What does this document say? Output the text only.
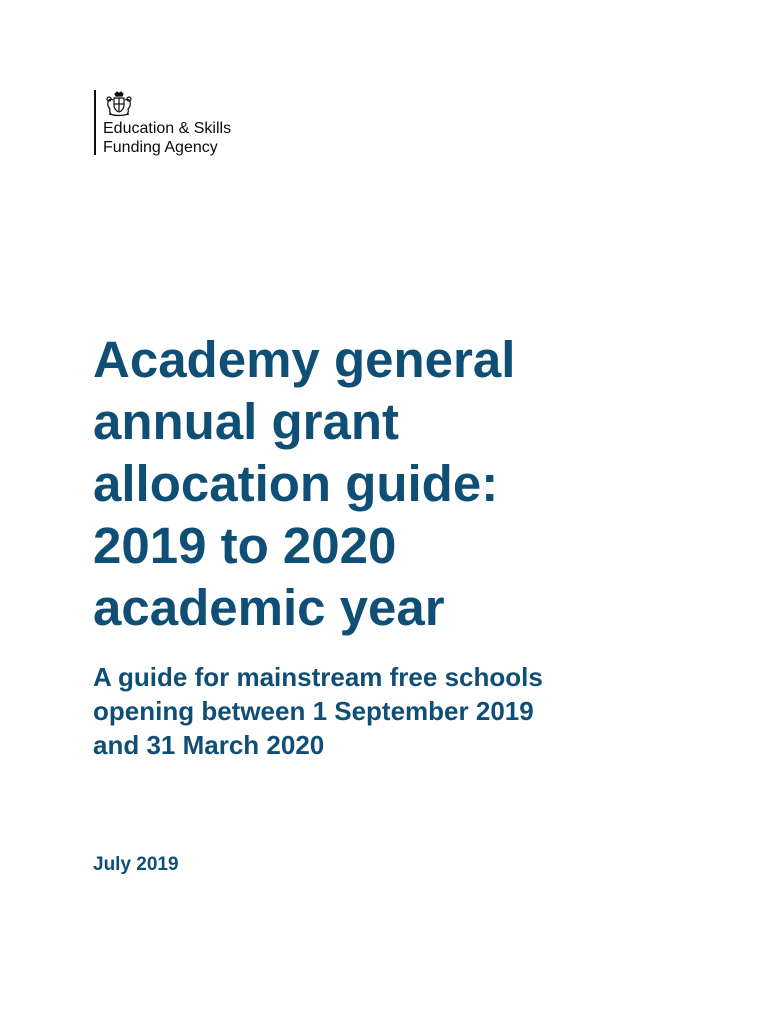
Education & Skills
Funding Agency
Academy general
annual grant
allocation guide:
2019 to 2020
academic year
A guide for mainstream free schools
opening between 1 September 2019
and 31 March 2020
July 2019
